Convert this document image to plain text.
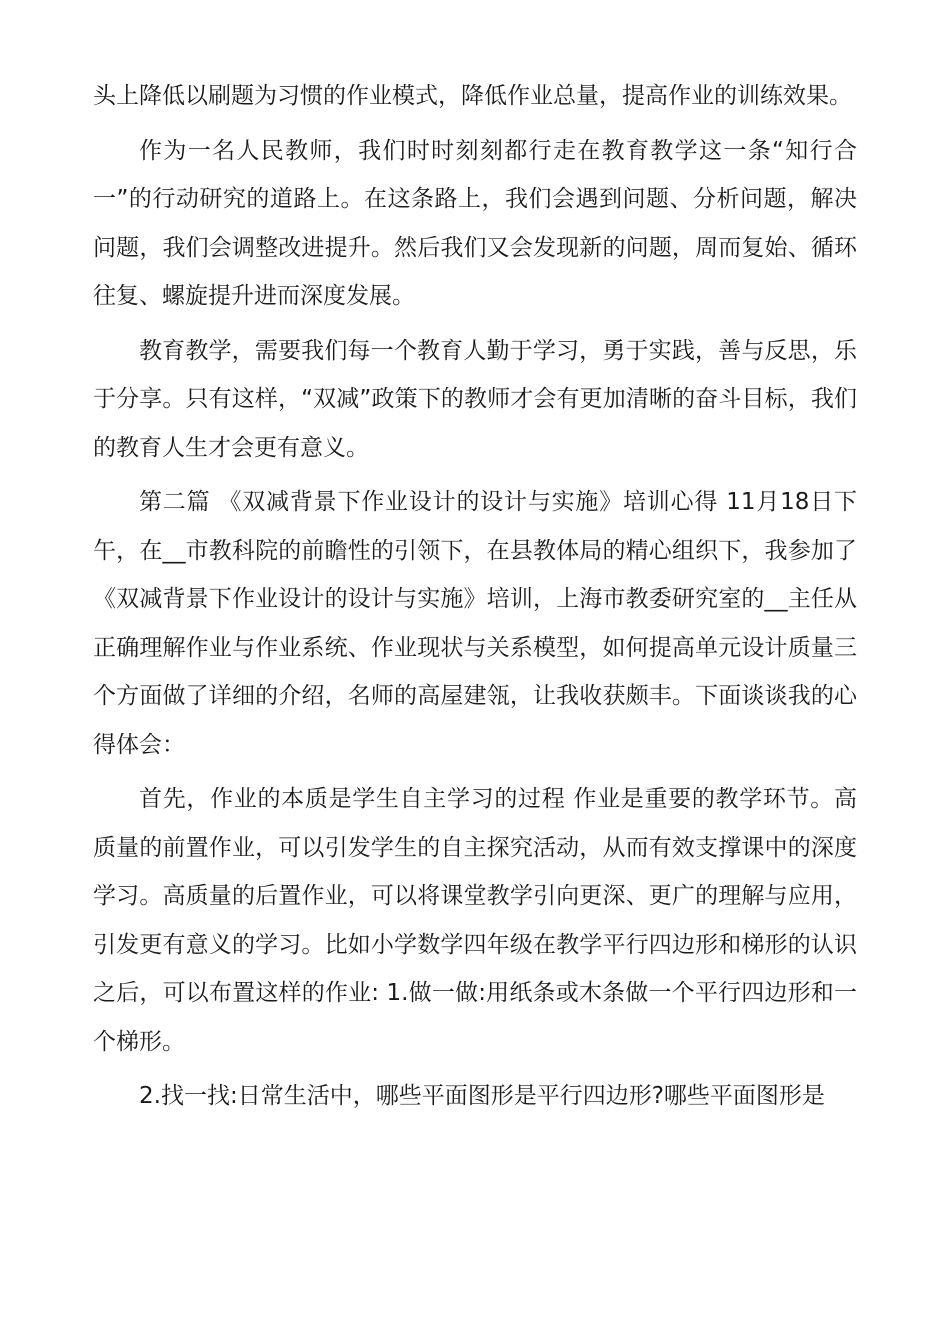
头上降低以刷题为习惯的作业模式，降低作业总量，提高作业的训练效果。

作为一名人民教师，我们时时刻刻都行走在教育教学这一条“知行合一”的行动研究的道路上。在这条路上，我们会遇到问题、分析问题，解决问题，我们会调整改进提升。然后我们又会发现新的问题，周而复始、循环往复、螺旋提升进而深度发展。

教育教学，需要我们每一个教育人勤于学习，勇于实践，善与反思，乐于分享。只有这样，“双减”政策下的教师才会有更加清晰的奋斗目标，我们的教育人生才会更有意义。

第二篇 《双减背景下作业设计的设计与实施》培训心得 11月18日下午，在__市教科院的前瞻性的引领下，在县教体局的精心组织下，我参加了《双减背景下作业设计的设计与实施》培训，上海市教委研究室的__主任从正确理解作业与作业系统、作业现状与关系模型，如何提高单元设计质量三个方面做了详细的介绍，名师的高屋建瓴，让我收获颇丰。下面谈谈我的心得体会：

首先，作业的本质是学生自主学习的过程 作业是重要的教学环节。高质量的前置作业，可以引发学生的自主探究活动，从而有效支撑课中的深度学习。高质量的后置作业，可以将课堂教学引向更深、更广的理解与应用，引发更有意义的学习。比如小学数学四年级在教学平行四边形和梯形的认识之后，可以布置这样的作业: 1.做一做:用纸条或木条做一个平行四边形和一个梯形。

2.找一找:日常生活中，哪些平面图形是平行四边形?哪些平面图形是
